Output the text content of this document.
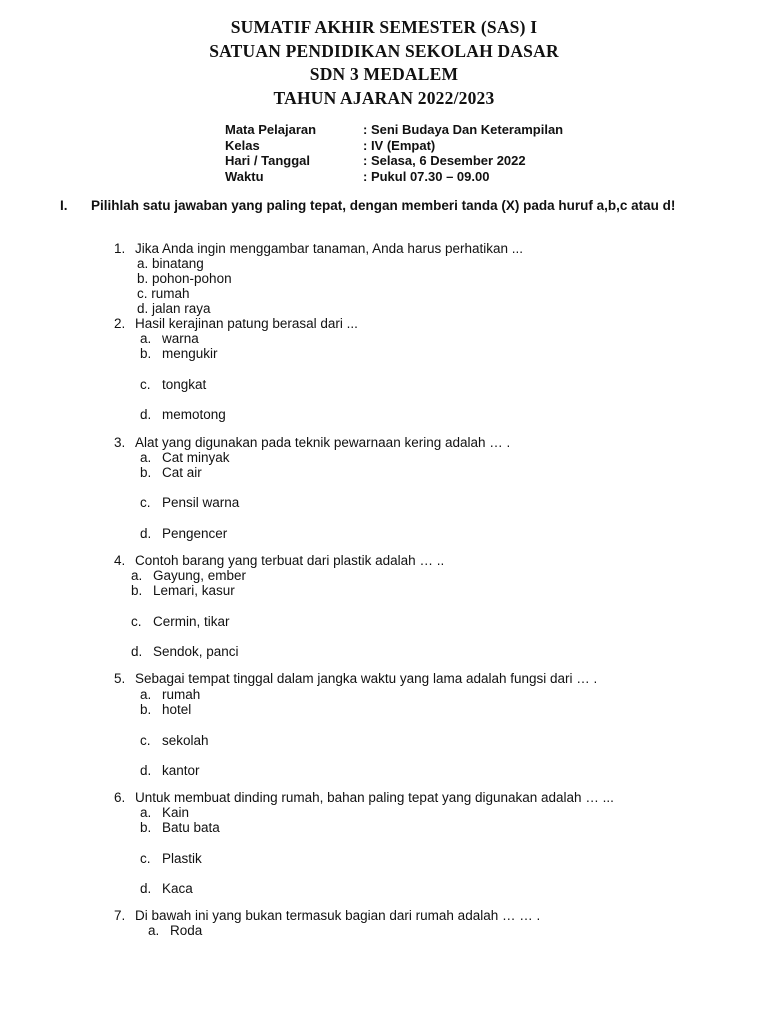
SUMATIF AKHIR SEMESTER (SAS) I
SATUAN PENDIDIKAN SEKOLAH DASAR
SDN 3 MEDALEM
TAHUN AJARAN 2022/2023
Mata Pelajaran	: Seni Budaya Dan Keterampilan
Kelas	: IV (Empat)
Hari / Tanggal	: Selasa, 6 Desember 2022
Waktu	: Pukul 07.30 – 09.00
I. Pilihlah satu jawaban yang paling tepat, dengan memberi tanda (X) pada huruf a,b,c atau d!
1. Jika Anda ingin menggambar tanaman, Anda harus perhatikan ...
a. binatang
b. pohon-pohon
c. rumah
d. jalan raya
2. Hasil kerajinan patung berasal dari ...
a. warna
b. mengukir
c. tongkat
d. memotong
3. Alat yang digunakan pada teknik pewarnaan kering adalah … .
a. Cat minyak
b. Cat air
c. Pensil warna
d. Pengencer
4. Contoh barang yang terbuat dari plastik adalah … ..
a. Gayung, ember
b. Lemari, kasur
c. Cermin, tikar
d. Sendok, panci
5. Sebagai tempat tinggal dalam jangka waktu yang lama adalah fungsi dari … .
a. rumah
b. hotel
c. sekolah
d. kantor
6. Untuk membuat dinding rumah, bahan paling tepat yang digunakan adalah … ...
a. Kain
b. Batu bata
c. Plastik
d. Kaca
7. Di bawah ini yang bukan termasuk bagian dari rumah adalah … … .
a. Roda
